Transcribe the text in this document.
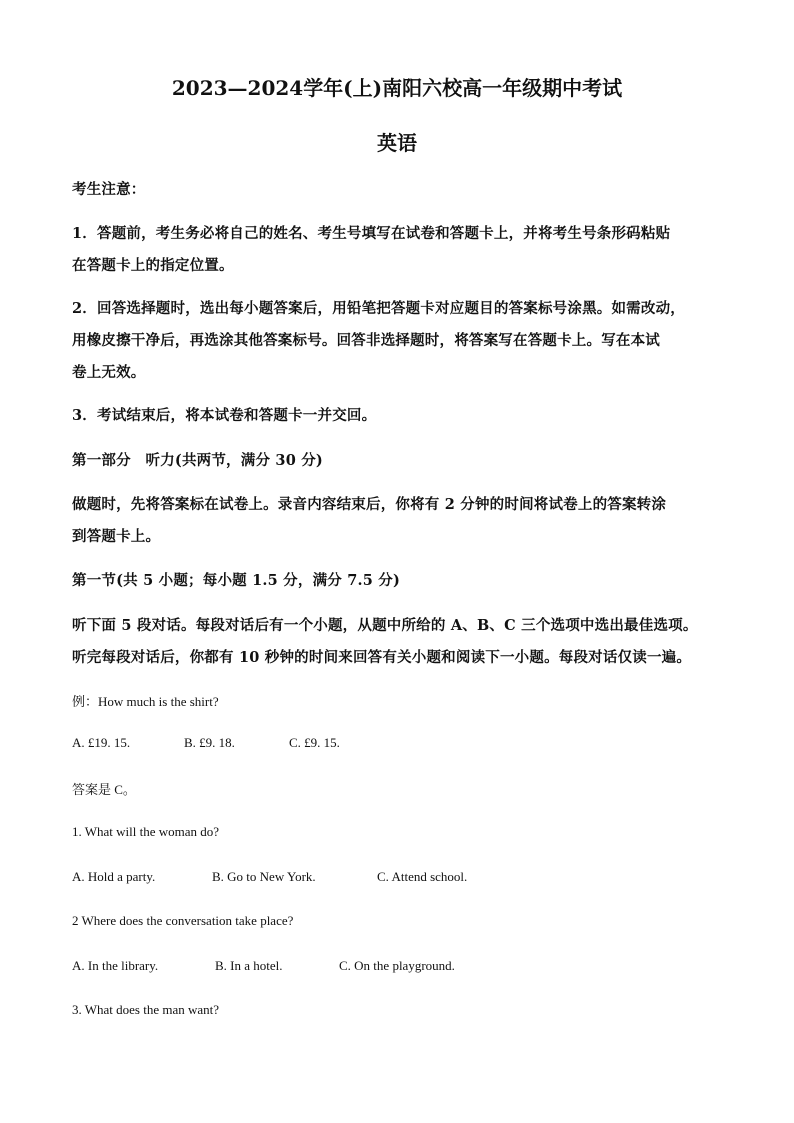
2023—2024学年(上)南阳六校高一年级期中考试
英语
考生注意：
1．答题前，考生务必将自己的姓名、考生号填写在试卷和答题卡上，并将考生号条形码粘贴
在答题卡上的指定位置。
2．回答选择题时，选出每小题答案后，用铅笔把答题卡对应题目的答案标号涂黑。如需改动，
用橡皮擦干净后，再选涂其他答案标号。回答非选择题时，将答案写在答题卡上。写在本试
卷上无效。
3．考试结束后，将本试卷和答题卡一并交回。
第一部分　听力(共两节，满分 30 分)
做题时，先将答案标在试卷上。录音内容结束后，你将有 2 分钟的时间将试卷上的答案转涂
到答题卡上。
第一节(共 5 小题；每小题 1.5 分，满分 7.5 分)
听下面 5 段对话。每段对话后有一个小题，从题中所给的 A、B、C 三个选项中选出最佳选项。
听完每段对话后，你都有 10 秒钟的时间来回答有关小题和阅读下一小题。每段对话仅读一遍。
例：How much is the shirt?
A. £19. 15.	B. £9. 18.	C. £9. 15.
答案是 C。
1. What will the woman do?
A. Hold a party.	B. Go to New York.	C. Attend school.
2 Where does the conversation take place?
A. In the library.	B. In a hotel.	C. On the playground.
3. What does the man want?
